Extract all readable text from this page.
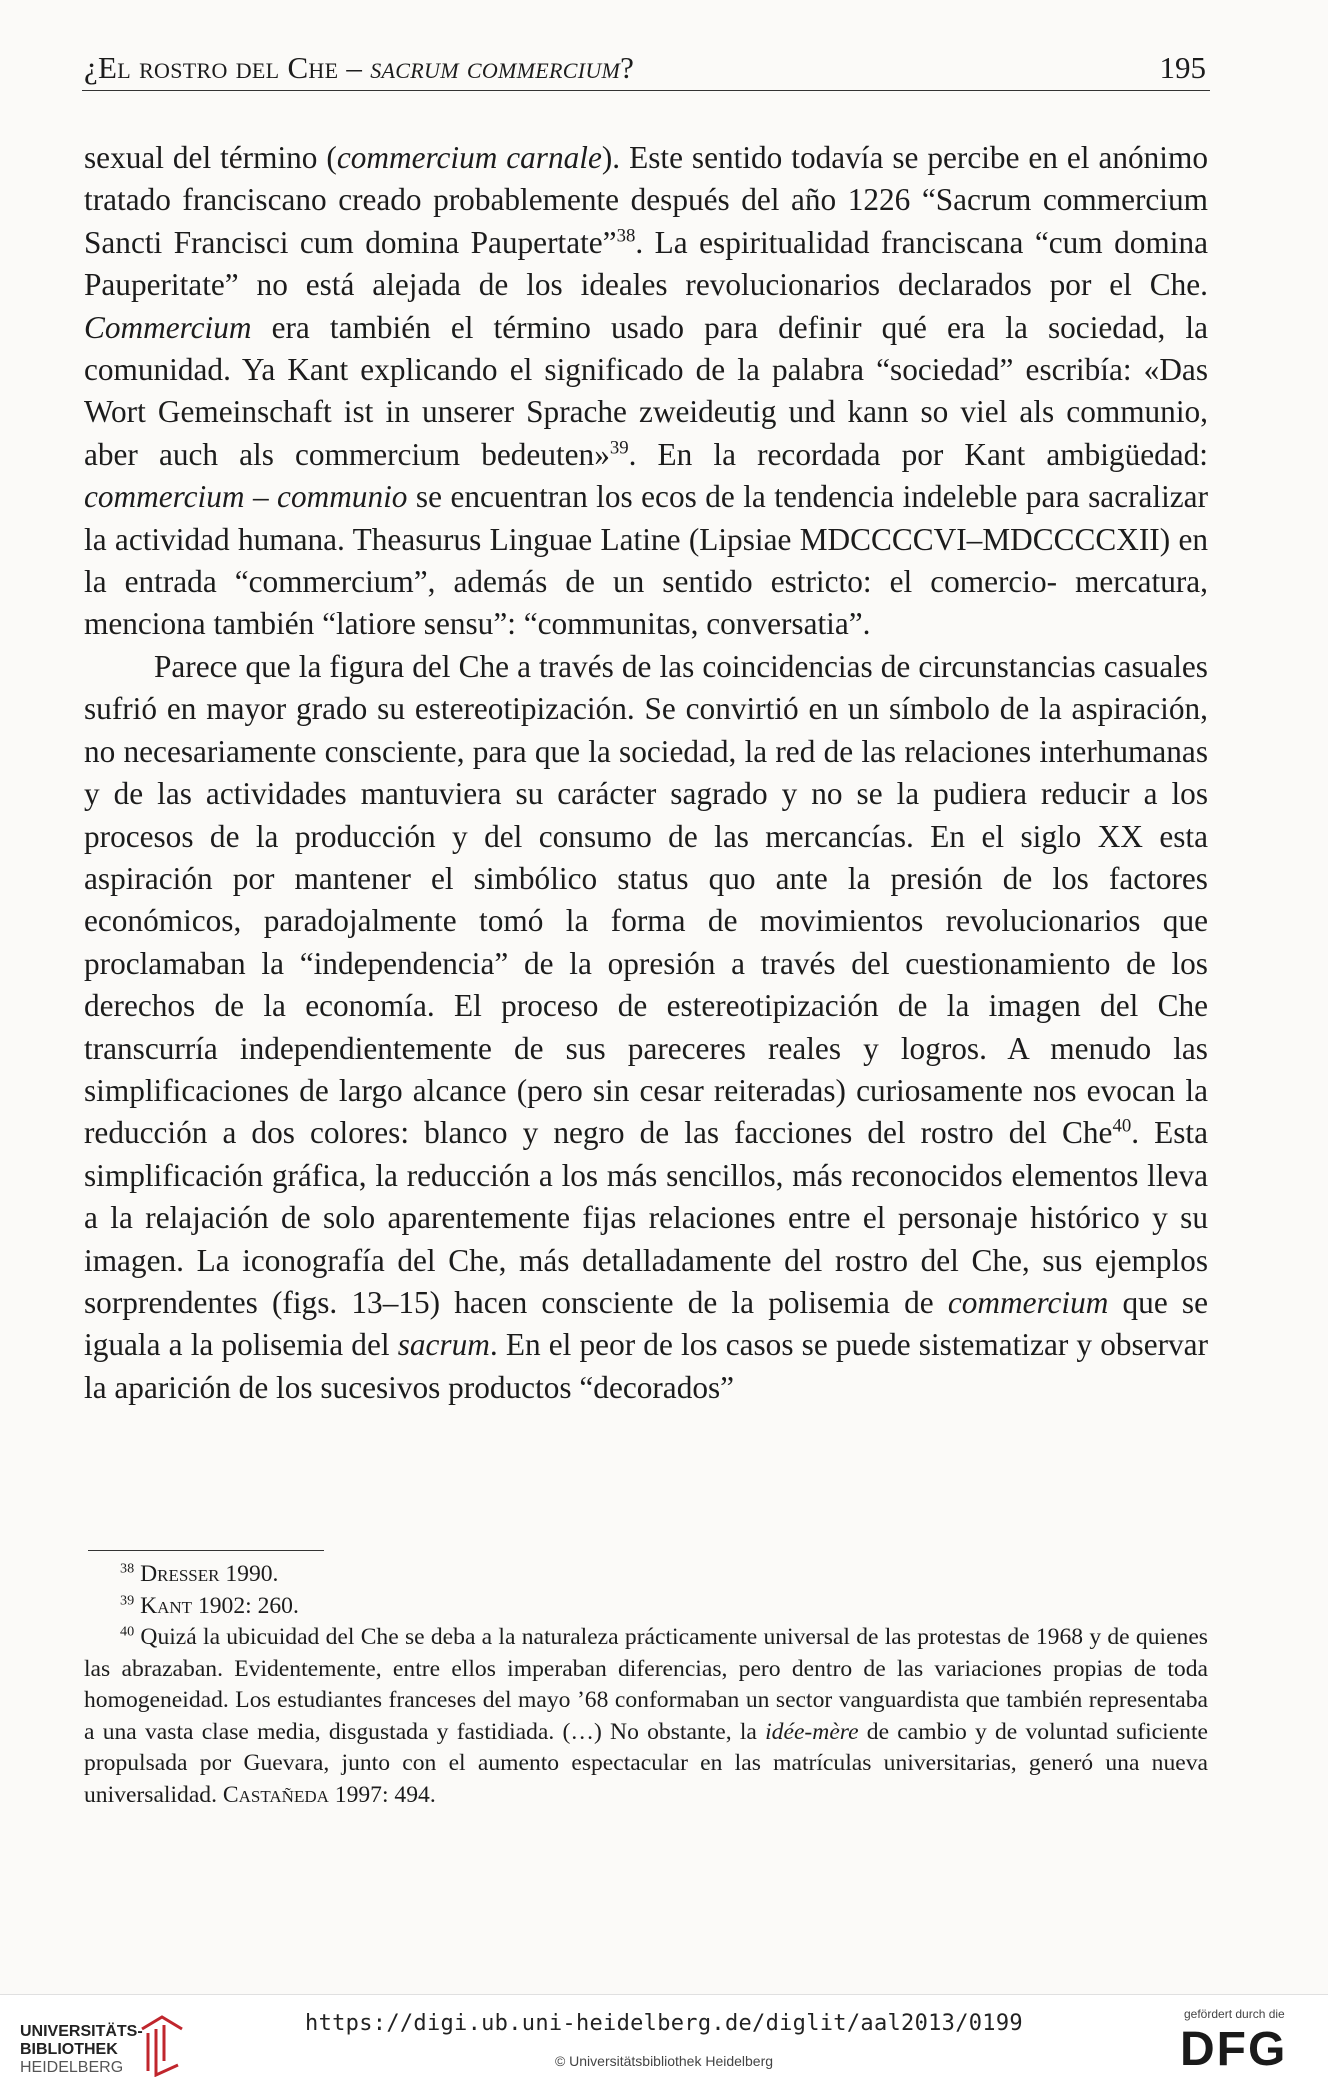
¿El rostro del Che – sacrum commercium?	195

sexual del término (commercium carnale). Este sentido todavía se percibe en el anónimo tratado franciscano creado probablemente después del año 1226 “Sacrum commercium Sancti Francisci cum domina Paupertate”$^{38}$. La espiritualidad franciscana “cum domina Pauperitate” no está alejada de los ideales revolucionarios declarados por el Che. Commercium era también el término usado para definir qué era la sociedad, la comunidad. Ya Kant explicando el significado de la palabra “sociedad” escribía: «Das Wort Gemeinschaft ist in unserer Sprache zweideutig und kann so viel als communio, aber auch als commercium bedeuten»$^{39}$. En la recordada por Kant ambigüedad: commercium – communio se encuentran los ecos de la tendencia indeleble para sacralizar la actividad humana. Theasurus Linguae Latine (Lipsiae MDCCCCVI–MDCCCCXII) en la entrada “commercium”, además de un sentido estricto: el comercio- mercatura, menciona también “latiore sensu”: “communitas, conversatia”.

Parece que la figura del Che a través de las coincidencias de circunstancias casuales sufrió en mayor grado su estereotipización. Se convirtió en un símbolo de la aspiración, no necesariamente consciente, para que la sociedad, la red de las relaciones interhumanas y de las actividades mantuviera su carácter sagrado y no se la pudiera reducir a los procesos de la producción y del consumo de las mercancías. En el siglo XX esta aspiración por mantener el simbólico status quo ante la presión de los factores económicos, paradojalmente tomó la forma de movimientos revolucionarios que proclamaban la “independencia” de la opresión a través del cuestionamiento de los derechos de la economía. El proceso de estereotipización de la imagen del Che transcurría independientemente de sus pareceres reales y logros. A menudo las simplificaciones de largo alcance (pero sin cesar reiteradas) curiosamente nos evocan la reducción a dos colores: blanco y negro de las facciones del rostro del Che$^{40}$. Esta simplificación gráfica, la reducción a los más sencillos, más reconocidos elementos lleva a la relajación de solo aparentemente fijas relaciones entre el personaje histórico y su imagen. La iconografía del Che, más detalladamente del rostro del Che, sus ejemplos sorprendentes (figs. 13–15) hacen consciente de la polisemia de commercium que se iguala a la polisemia del sacrum. En el peor de los casos se puede sistematizar y observar la aparición de los sucesivos productos “decorados”

$^{38}$ Dresser 1990.

$^{39}$ Kant 1902: 260.

$^{40}$ Quizá la ubicuidad del Che se deba a la naturaleza prácticamente universal de las protestas de 1968 y de quienes las abrazaban. Evidentemente, entre ellos imperaban diferencias, pero dentro de las variaciones propias de toda homogeneidad. Los estudiantes franceses del mayo ’68 conformaban un sector vanguardista que también representaba a una vasta clase media, disgustada y fastidiada. (…) No obstante, la idée-mère de cambio y de voluntad suficiente propulsada por Guevara, junto con el aumento espectacular en las matrículas universitarias, generó una nueva universalidad. Castañeda 1997: 494.

UNIVERSITÄTS-
BIBLIOTHEK
HEIDELBERG
https://digi.ub.uni-heidelberg.de/diglit/aal2013/0199
© Universitätsbibliothek Heidelberg
gefördert durch die
DFG
